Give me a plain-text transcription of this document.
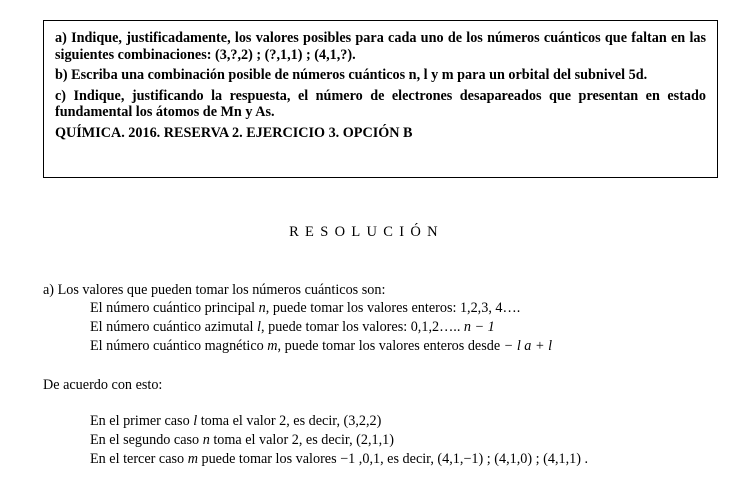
a) Indique, justificadamente, los valores posibles para cada uno de los números cuánticos que faltan en las siguientes combinaciones: (3,?,2) ; (?,1,1) ; (4,1,?).

b) Escriba una combinación posible de números cuánticos n, l y m para un orbital del subnivel 5d.

c) Indique, justificando la respuesta, el número de electrones desapareados que presentan en estado fundamental los átomos de Mn y As.

QUÍMICA. 2016. RESERVA 2. EJERCICIO 3. OPCIÓN B

RESOLUCIÓN
a) Los valores que pueden tomar los números cuánticos son:
El número cuántico principal n, puede tomar los valores enteros: 1,2,3, 4….
El número cuántico azimutal l, puede tomar los valores: 0,1,2….. n − 1
El número cuántico magnético m, puede tomar los valores enteros desde − l a + l
De acuerdo con esto:
En el primer caso l toma el valor 2, es decir, (3,2,2)
En el segundo caso n toma el valor 2, es decir, (2,1,1)
En el tercer caso m puede tomar los valores −1 ,0,1, es decir, (4,1,−1) ; (4,1,0) ; (4,1,1) .
